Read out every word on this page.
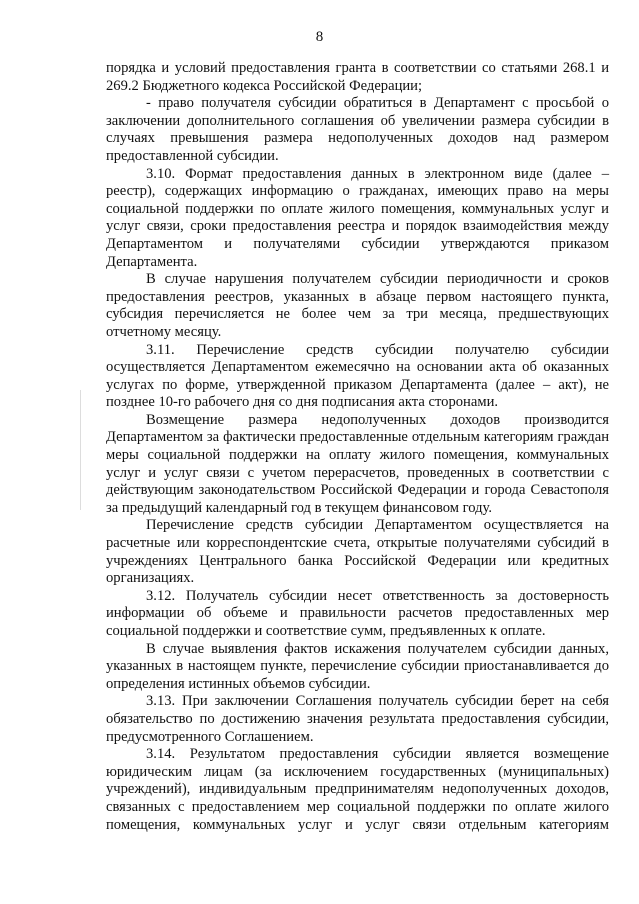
8

порядка и условий предоставления гранта в соответствии со статьями 268.1 и 269.2 Бюджетного кодекса Российской Федерации;

- право получателя субсидии обратиться в Департамент с просьбой о заключении дополнительного соглашения об увеличении размера субсидии в случаях превышения размера недополученных доходов над размером предоставленной субсидии.

3.10. Формат предоставления данных в электронном виде (далее – реестр), содержащих информацию о гражданах, имеющих право на меры социальной поддержки по оплате жилого помещения, коммунальных услуг и услуг связи, сроки предоставления реестра и порядок взаимодействия между Департаментом и получателями субсидии утверждаются приказом Департамента.

В случае нарушения получателем субсидии периодичности и сроков предоставления реестров, указанных в абзаце первом настоящего пункта, субсидия перечисляется не более чем за три месяца, предшествующих отчетному месяцу.

3.11. Перечисление средств субсидии получателю субсидии осуществляется Департаментом ежемесячно на основании акта об оказанных услугах по форме, утвержденной приказом Департамента (далее – акт), не позднее 10-го рабочего дня со дня подписания акта сторонами.

Возмещение размера недополученных доходов производится Департаментом за фактически предоставленные отдельным категориям граждан меры социальной поддержки на оплату жилого помещения, коммунальных услуг и услуг связи с учетом перерасчетов, проведенных в соответствии с действующим законодательством Российской Федерации и города Севастополя за предыдущий календарный год в текущем финансовом году.

Перечисление средств субсидии Департаментом осуществляется на расчетные или корреспондентские счета, открытые получателями субсидий в учреждениях Центрального банка Российской Федерации или кредитных организациях.

3.12. Получатель субсидии несет ответственность за достоверность информации об объеме и правильности расчетов предоставленных мер социальной поддержки и соответствие сумм, предъявленных к оплате.

В случае выявления фактов искажения получателем субсидии данных, указанных в настоящем пункте, перечисление субсидии приостанавливается до определения истинных объемов субсидии.

3.13. При заключении Соглашения получатель субсидии берет на себя обязательство по достижению значения результата предоставления субсидии, предусмотренного Соглашением.

3.14. Результатом предоставления субсидии является возмещение юридическим лицам (за исключением государственных (муниципальных) учреждений), индивидуальным предпринимателям недополученных доходов, связанных с предоставлением мер социальной поддержки по оплате жилого помещения, коммунальных услуг и услуг связи отдельным категориям
